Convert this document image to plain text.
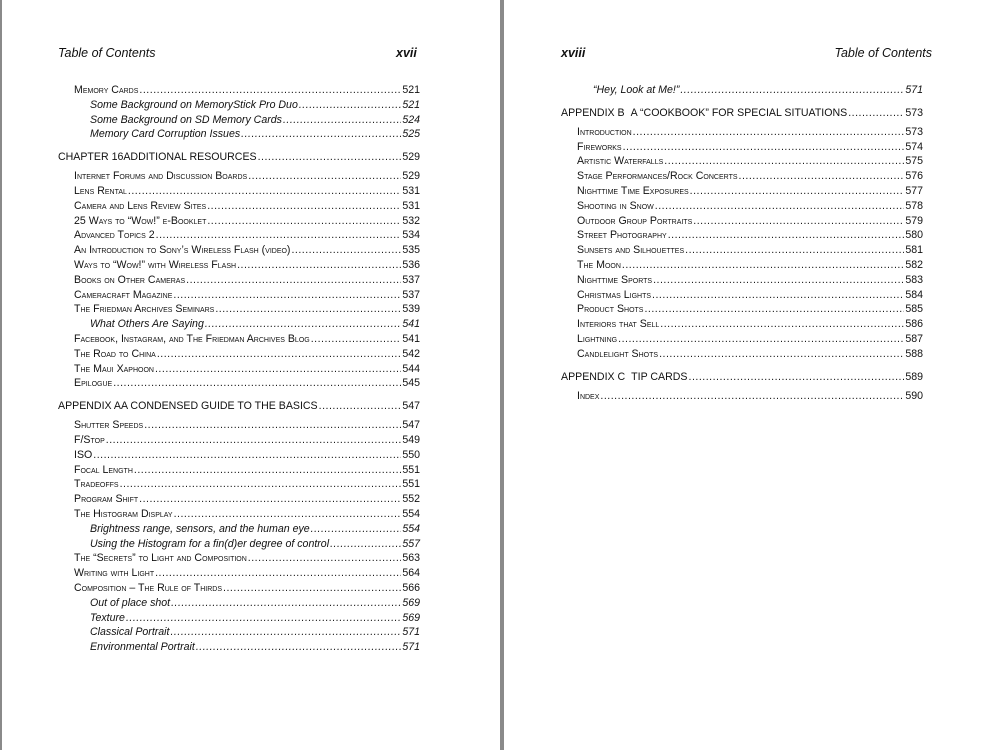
Table of Contents	xvii
Memory Cards .....	521
Some Background on MemoryStick Pro Duo .....	521
Some Background on SD Memory Cards .....	524
Memory Card Corruption Issues .....	525
CHAPTER 16 ADDITIONAL RESOURCES .....	529
Internet Forums and Discussion Boards .....	529
Lens Rental .....	531
Camera and Lens Review Sites .....	531
25 Ways to “Wow!” e-Booklet .....	532
Advanced Topics 2 .....	534
An Introduction to Sony’s Wireless Flash (video) .....	535
Ways to “Wow!” with Wireless Flash .....	536
Books on Other Cameras .....	537
Cameracraft Magazine .....	537
The Friedman Archives Seminars .....	539
What Others Are Saying .....	541
Facebook, Instagram, and The Friedman Archives Blog .....	541
The Road to China .....	542
The Maui Xaphoon .....	544
Epilogue .....	545
APPENDIX A A CONDENSED GUIDE TO THE BASICS .....	547
Shutter Speeds .....	547
F/Stop .....	549
ISO .....	550
Focal Length .....	551
Tradeoffs .....	551
Program Shift .....	552
The Histogram Display .....	554
Brightness range, sensors, and the human eye .....	554
Using the Histogram for a fin(d)er degree of control .....	557
The “Secrets” to Light and Composition .....	563
Writing with Light .....	564
Composition – The Rule of Thirds .....	566
Out of place shot .....	569
Texture .....	569
Classical Portrait .....	571
Environmental Portrait .....	571
xviii	Table of Contents
“Hey, Look at Me!” .....	571
APPENDIX B A “COOKBOOK” FOR SPECIAL SITUATIONS .....	573
Introduction .....	573
Fireworks .....	574
Artistic Waterfalls .....	575
Stage Performances/Rock Concerts .....	576
Nighttime Time Exposures .....	577
Shooting in Snow .....	578
Outdoor Group Portraits .....	579
Street Photography .....	580
Sunsets and Silhouettes .....	581
The Moon .....	582
Nighttime Sports .....	583
Christmas Lights .....	584
Product Shots .....	585
Interiors that Sell .....	586
Lightning .....	587
Candlelight Shots .....	588
APPENDIX C TIP CARDS .....	589
Index .....	590
